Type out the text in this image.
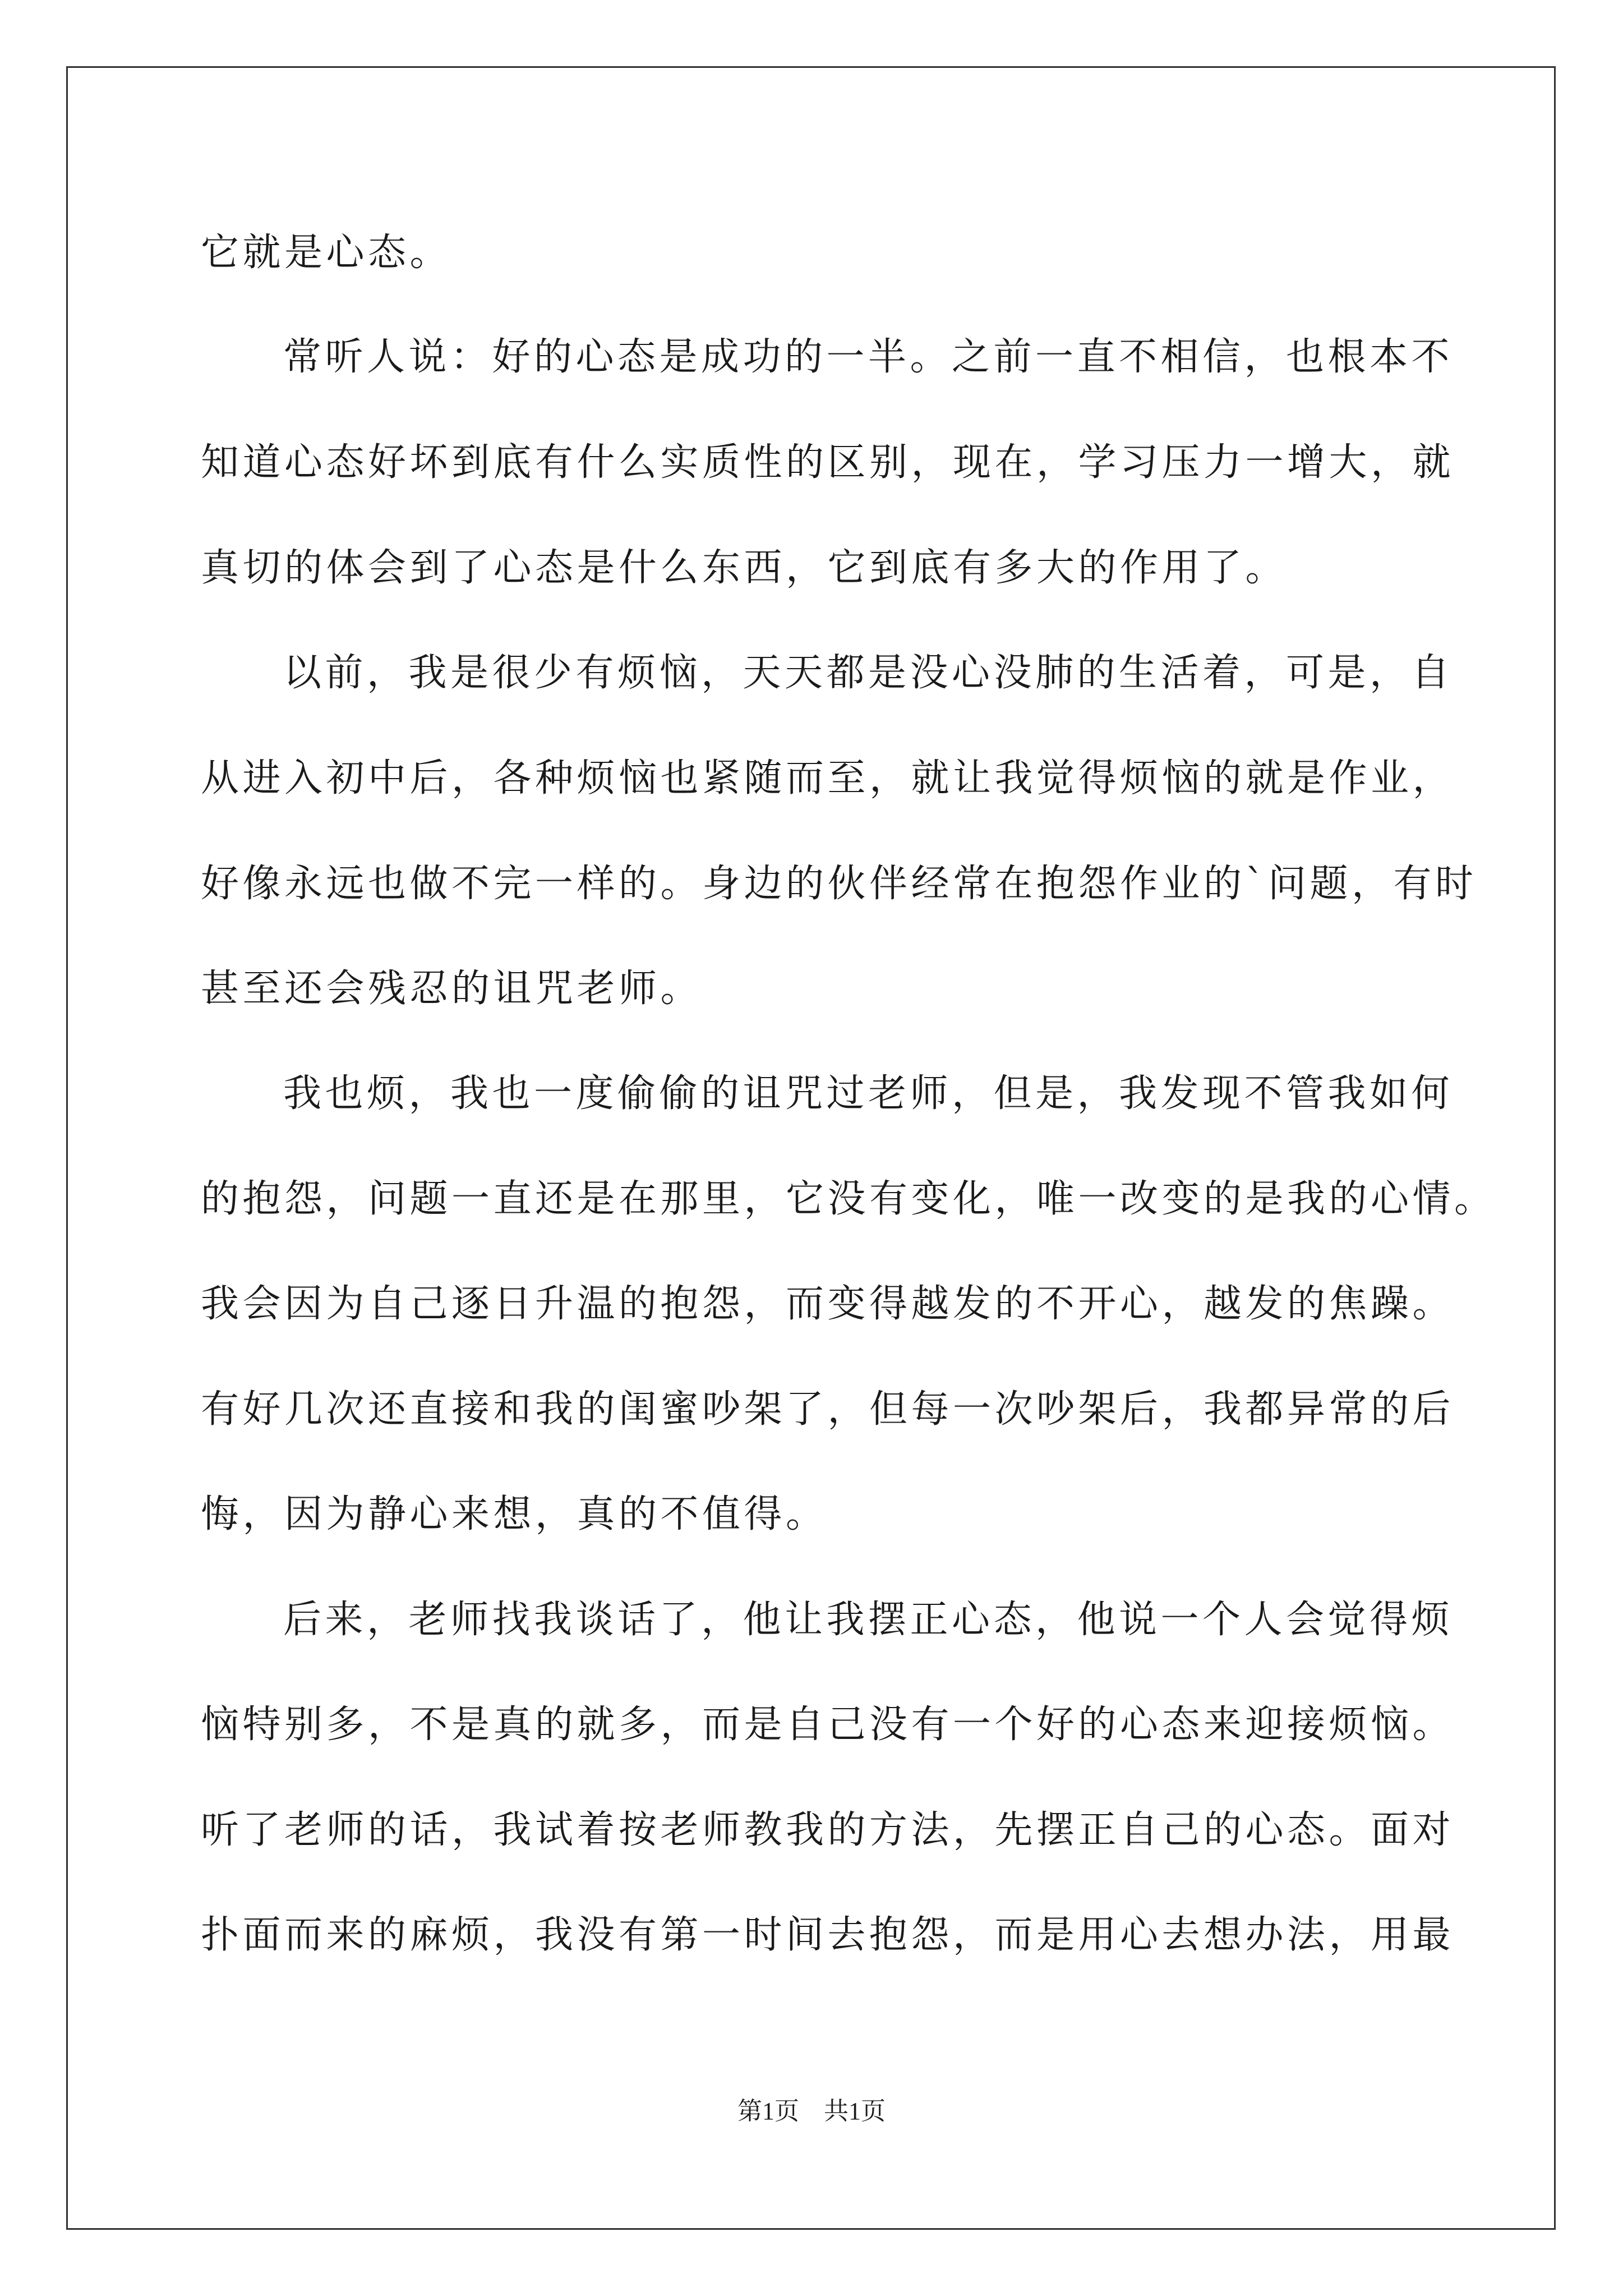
它就是心态。
常听人说：好的心态是成功的一半。之前一直不相信，也根本不
知道心态好坏到底有什么实质性的区别，现在，学习压力一增大，就
真切的体会到了心态是什么东西，它到底有多大的作用了。
以前，我是很少有烦恼，天天都是没心没肺的生活着，可是，自
从进入初中后，各种烦恼也紧随而至，就让我觉得烦恼的就是作业，
好像永远也做不完一样的。身边的伙伴经常在抱怨作业的`问题，有时
甚至还会残忍的诅咒老师。
我也烦，我也一度偷偷的诅咒过老师，但是，我发现不管我如何
的抱怨，问题一直还是在那里，它没有变化，唯一改变的是我的心情。
我会因为自己逐日升温的抱怨，而变得越发的不开心，越发的焦躁。
有好几次还直接和我的闺蜜吵架了，但每一次吵架后，我都异常的后
悔，因为静心来想，真的不值得。
后来，老师找我谈话了，他让我摆正心态，他说一个人会觉得烦
恼特别多，不是真的就多，而是自己没有一个好的心态来迎接烦恼。
听了老师的话，我试着按老师教我的方法，先摆正自己的心态。面对
扑面而来的麻烦，我没有第一时间去抱怨，而是用心去想办法，用最
第1页 共1页
